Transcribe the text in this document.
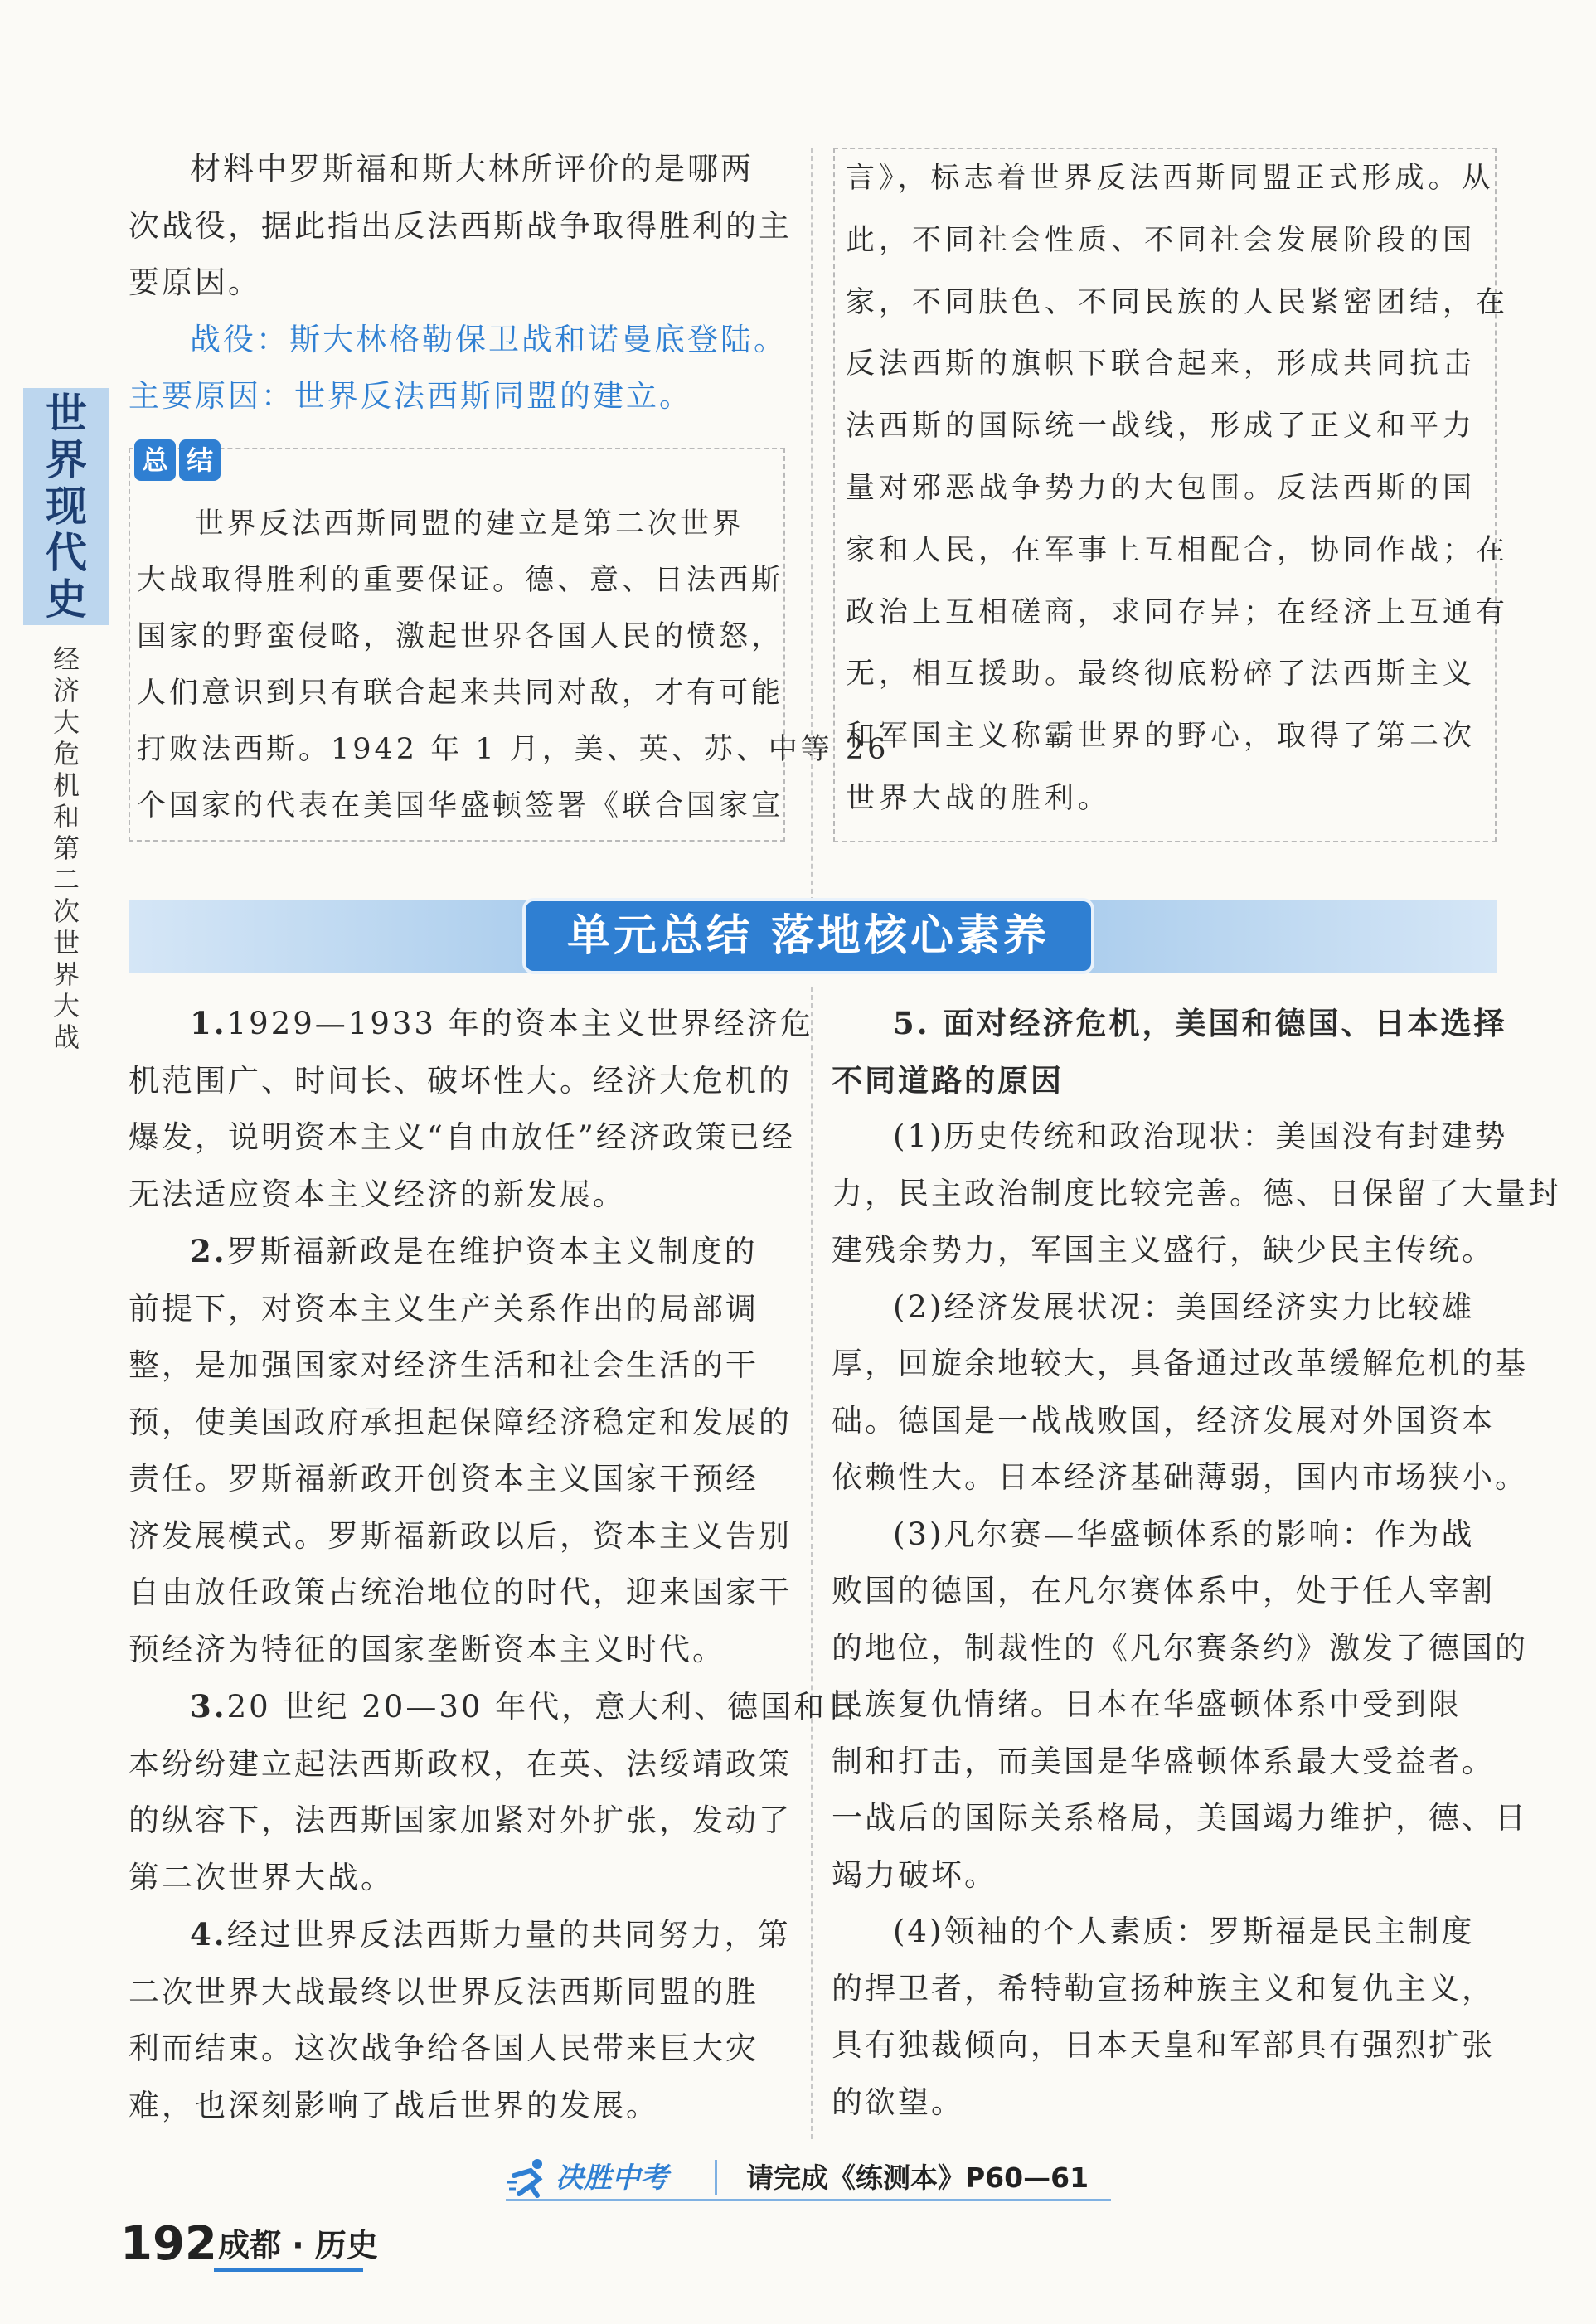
世
界
现
代
史
经
济
大
危
机
和
第
二
次
世
界
大
战
材料中罗斯福和斯大林所评价的是哪两
次战役，据此指出反法西斯战争取得胜利的主
要原因。
战役：斯大林格勒保卫战和诺曼底登陆。
主要原因：世界反法西斯同盟的建立。
总 结
世界反法西斯同盟的建立是第二次世界
大战取得胜利的重要保证。德、意、日法西斯
国家的野蛮侵略，激起世界各国人民的愤怒，
人们意识到只有联合起来共同对敌，才有可能
打败法西斯。1942 年 1 月，美、英、苏、中等 26
个国家的代表在美国华盛顿签署《联合国家宣
言》，标志着世界反法西斯同盟正式形成。从
此，不同社会性质、不同社会发展阶段的国
家，不同肤色、不同民族的人民紧密团结，在
反法西斯的旗帜下联合起来，形成共同抗击
法西斯的国际统一战线，形成了正义和平力
量对邪恶战争势力的大包围。反法西斯的国
家和人民，在军事上互相配合，协同作战；在
政治上互相磋商，求同存异；在经济上互通有
无，相互援助。最终彻底粉碎了法西斯主义
和军国主义称霸世界的野心，取得了第二次
世界大战的胜利。
单元总结 落地核心素养
1.1929—1933 年的资本主义世界经济危
机范围广、时间长、破坏性大。经济大危机的
爆发，说明资本主义“自由放任”经济政策已经
无法适应资本主义经济的新发展。
2.罗斯福新政是在维护资本主义制度的
前提下，对资本主义生产关系作出的局部调
整，是加强国家对经济生活和社会生活的干
预，使美国政府承担起保障经济稳定和发展的
责任。罗斯福新政开创资本主义国家干预经
济发展模式。罗斯福新政以后，资本主义告别
自由放任政策占统治地位的时代，迎来国家干
预经济为特征的国家垄断资本主义时代。
3.20 世纪 20—30 年代，意大利、德国和日
本纷纷建立起法西斯政权，在英、法绥靖政策
的纵容下，法西斯国家加紧对外扩张，发动了
第二次世界大战。
4.经过世界反法西斯力量的共同努力，第
二次世界大战最终以世界反法西斯同盟的胜
利而结束。这次战争给各国人民带来巨大灾
难，也深刻影响了战后世界的发展。
5. 面对经济危机，美国和德国、日本选择
不同道路的原因
(1)历史传统和政治现状：美国没有封建势
力，民主政治制度比较完善。德、日保留了大量封
建残余势力，军国主义盛行，缺少民主传统。
(2)经济发展状况：美国经济实力比较雄
厚，回旋余地较大，具备通过改革缓解危机的基
础。德国是一战战败国，经济发展对外国资本
依赖性大。日本经济基础薄弱，国内市场狭小。
(3)凡尔赛—华盛顿体系的影响：作为战
败国的德国，在凡尔赛体系中，处于任人宰割
的地位，制裁性的《凡尔赛条约》激发了德国的
民族复仇情绪。日本在华盛顿体系中受到限
制和打击，而美国是华盛顿体系最大受益者。
一战后的国际关系格局，美国竭力维护，德、日
竭力破坏。
(4)领袖的个人素质：罗斯福是民主制度
的捍卫者，希特勒宣扬种族主义和复仇主义，
具有独裁倾向，日本天皇和军部具有强烈扩张
的欲望。
决胜中考	请完成《练测本》P60—61
192 成都 · 历史
